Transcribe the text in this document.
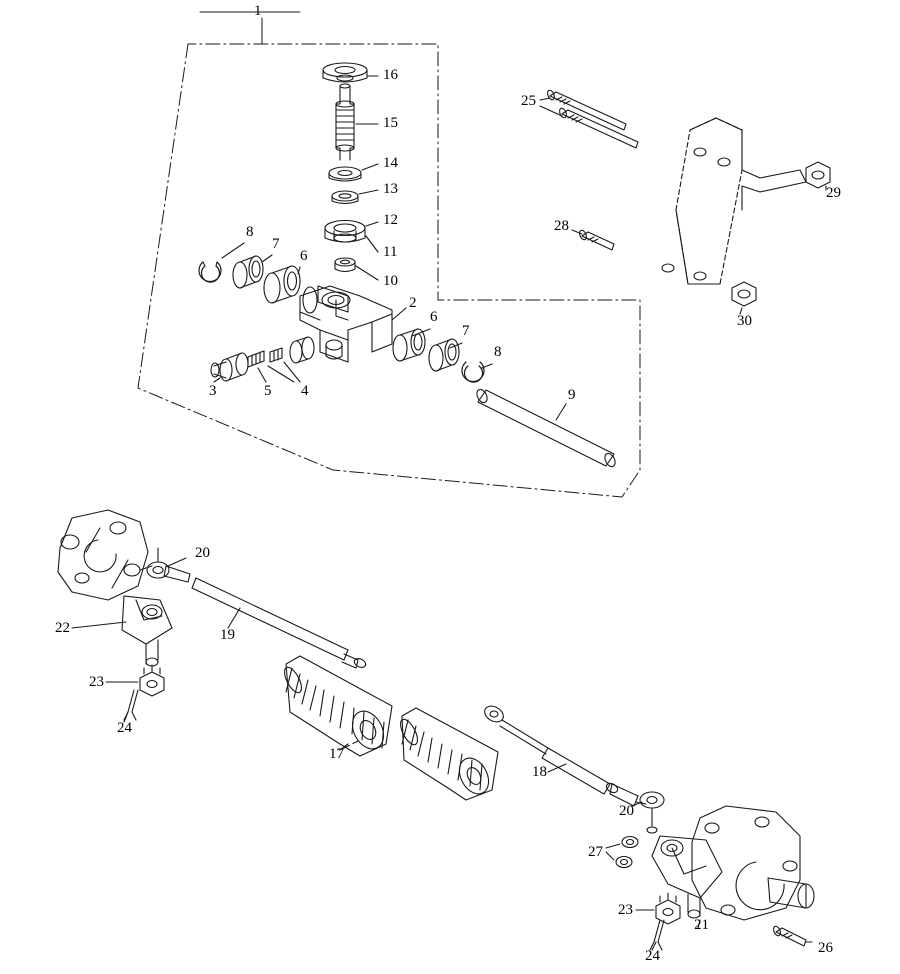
1
16
25
15
14
13	29
12	28
8
11
7
6
10
30
2
6
7
8
3	5 4	9
20
22	19
23
24
17
18
20
27
23
21
26
24
